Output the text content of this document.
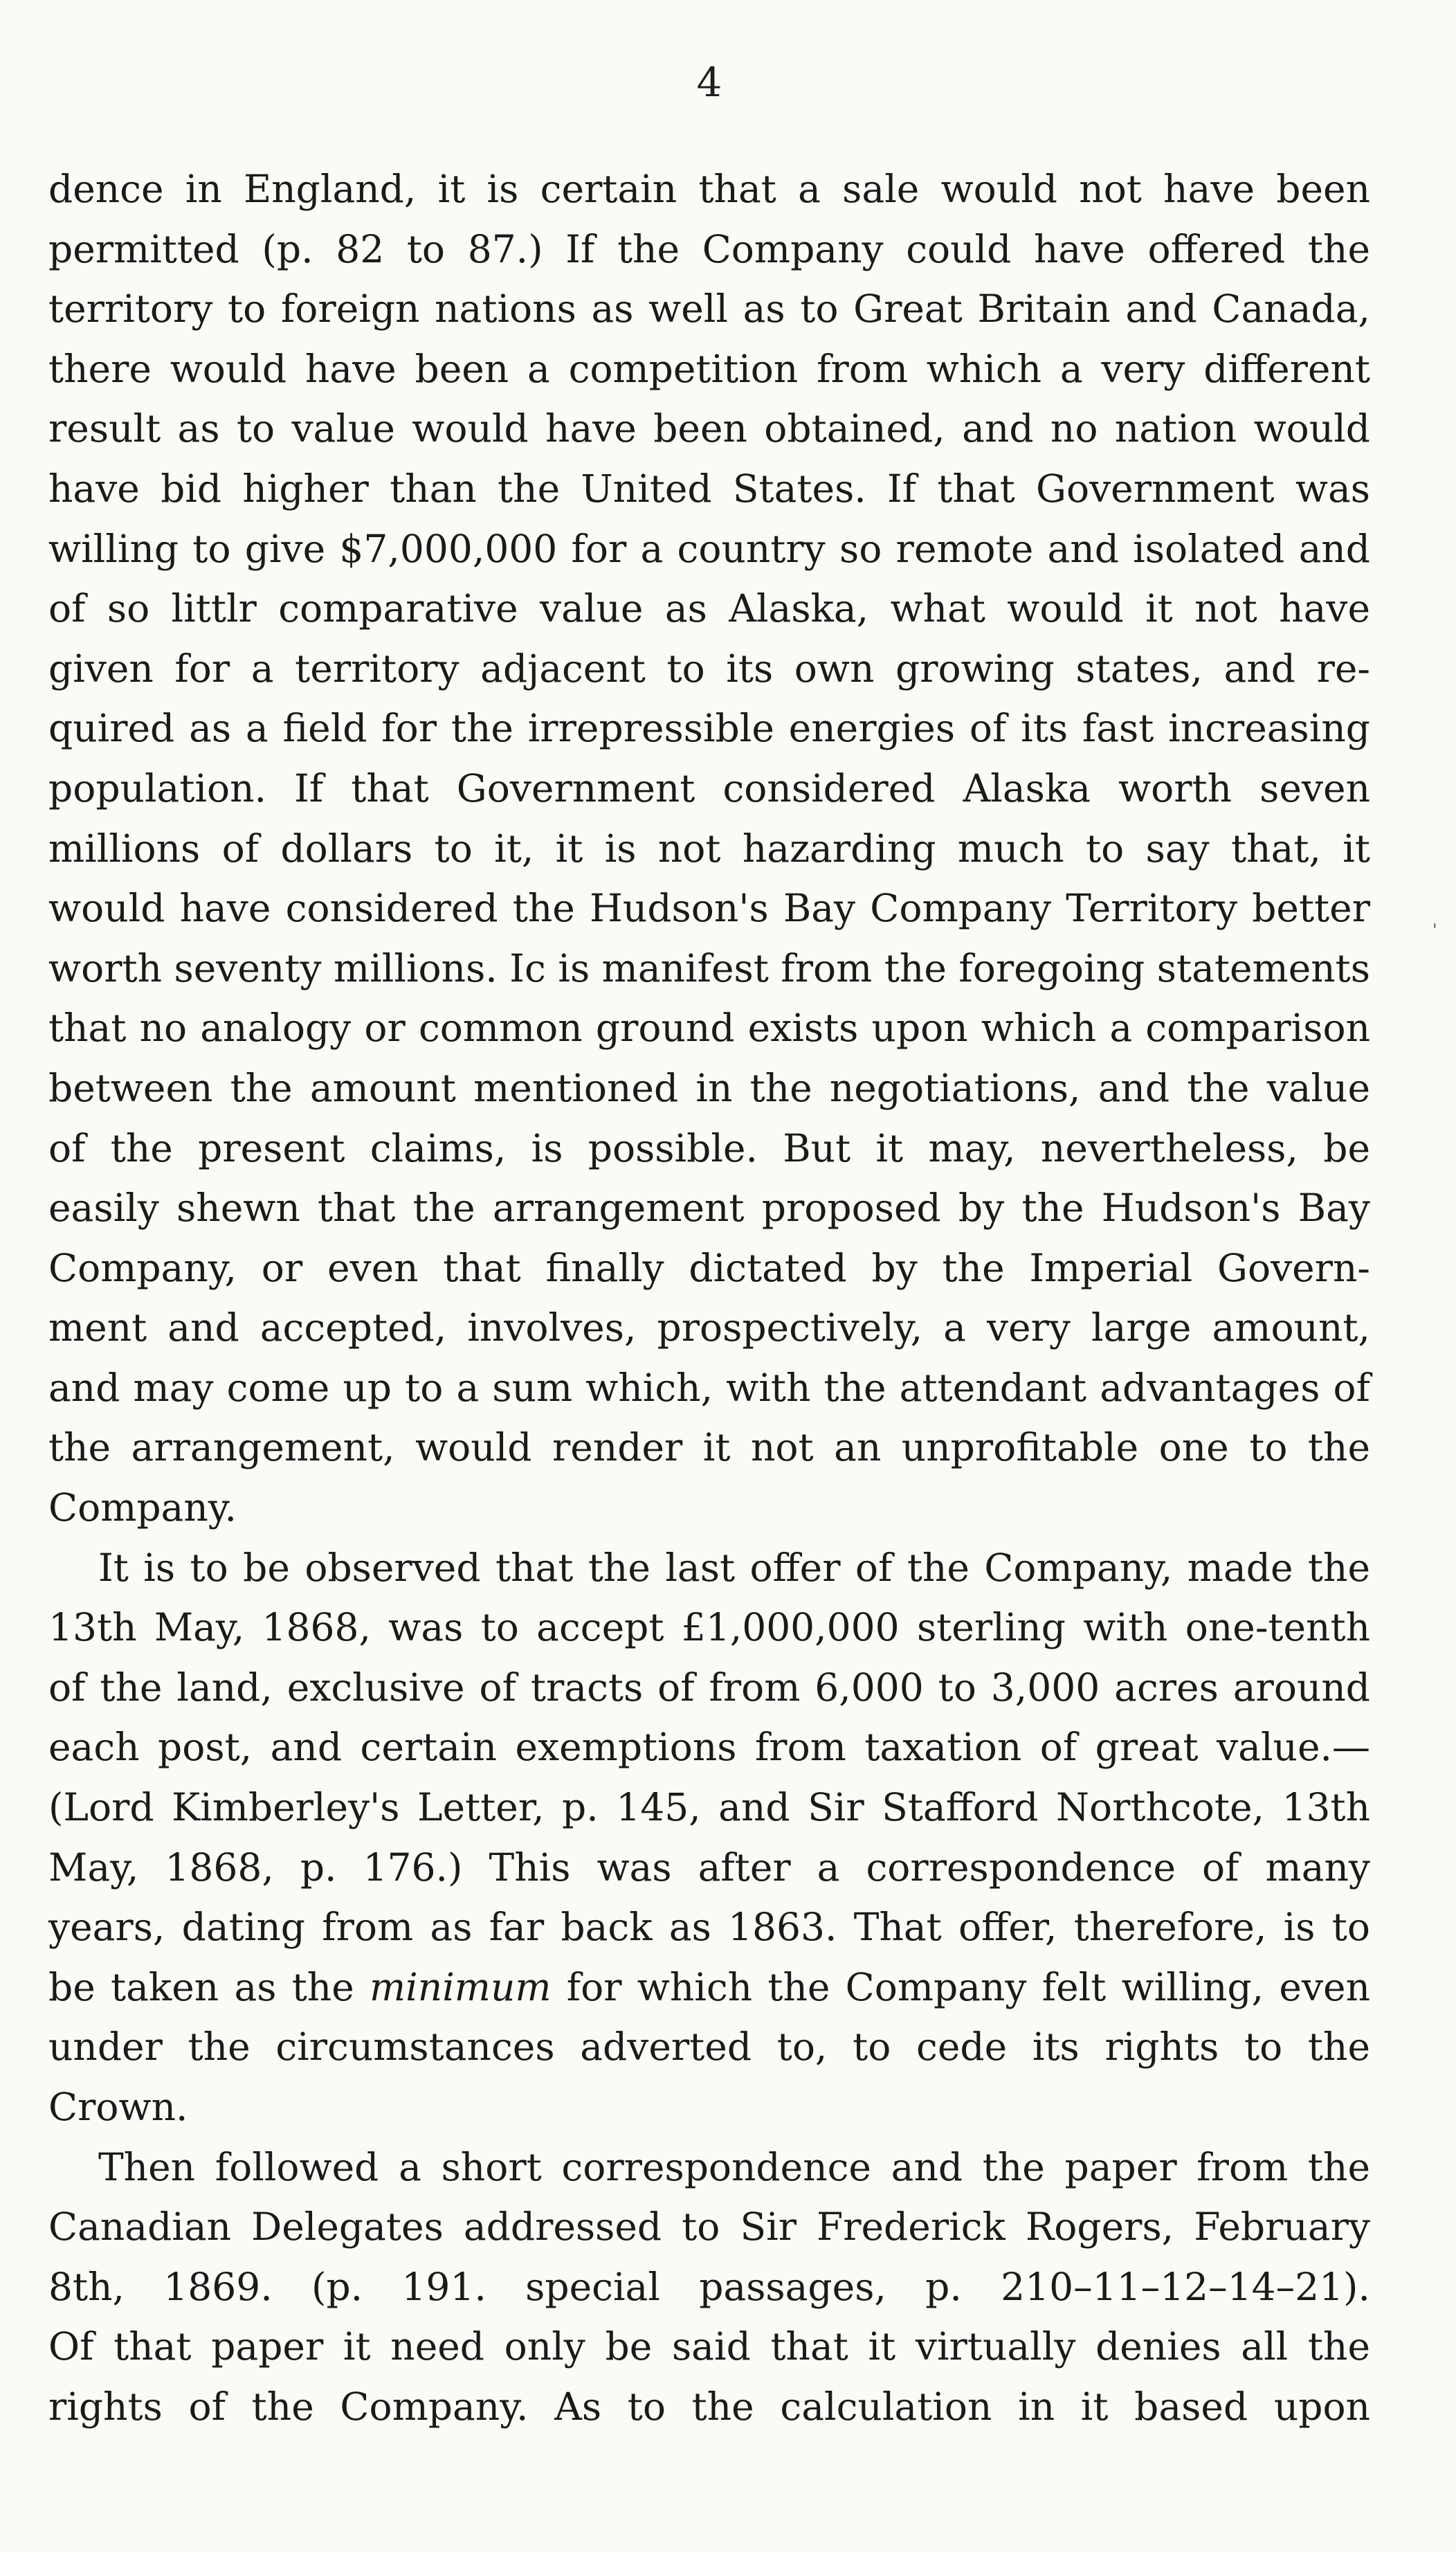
4
dence in England, it is certain that a sale would not have been
permitted (p. 82 to 87.) If the Company could have offered the
territory to foreign nations as well as to Great Britain and Canada,
there would have been a competition from which a very different
result as to value would have been obtained, and no nation would
have bid higher than the United States. If that Government was
willing to give $7,000,000 for a country so remote and isolated and
of so littlr comparative value as Alaska, what would it not have
given for a territory adjacent to its own growing states, and re-
quired as a field for the irrepressible energies of its fast increasing
population. If that Government considered Alaska worth seven
millions of dollars to it, it is not hazarding much to say that, it
would have considered the Hudson's Bay Company Territory better
worth seventy millions. Ic is manifest from the foregoing statements
that no analogy or common ground exists upon which a comparison
between the amount mentioned in the negotiations, and the value
of the present claims, is possible. But it may, nevertheless, be
easily shewn that the arrangement proposed by the Hudson's Bay
Company, or even that finally dictated by the Imperial Govern-
ment and accepted, involves, prospectively, a very large amount,
and may come up to a sum which, with the attendant advantages of
the arrangement, would render it not an unprofitable one to the
Company.
It is to be observed that the last offer of the Company, made the
13th May, 1868, was to accept £1,000,000 sterling with one-tenth
of the land, exclusive of tracts of from 6,000 to 3,000 acres around
each post, and certain exemptions from taxation of great value.—
(Lord Kimberley's Letter, p. 145, and Sir Stafford Northcote, 13th
May, 1868, p. 176.) This was after a correspondence of many
years, dating from as far back as 1863. That offer, therefore, is to
be taken as the minimum for which the Company felt willing, even
under the circumstances adverted to, to cede its rights to the
Crown.
Then followed a short correspondence and the paper from the
Canadian Delegates addressed to Sir Frederick Rogers, February
8th, 1869. (p. 191. special passages, p. 210–11–12–14–21).
Of that paper it need only be said that it virtually denies all the
rights of the Company. As to the calculation in it based upon
'
